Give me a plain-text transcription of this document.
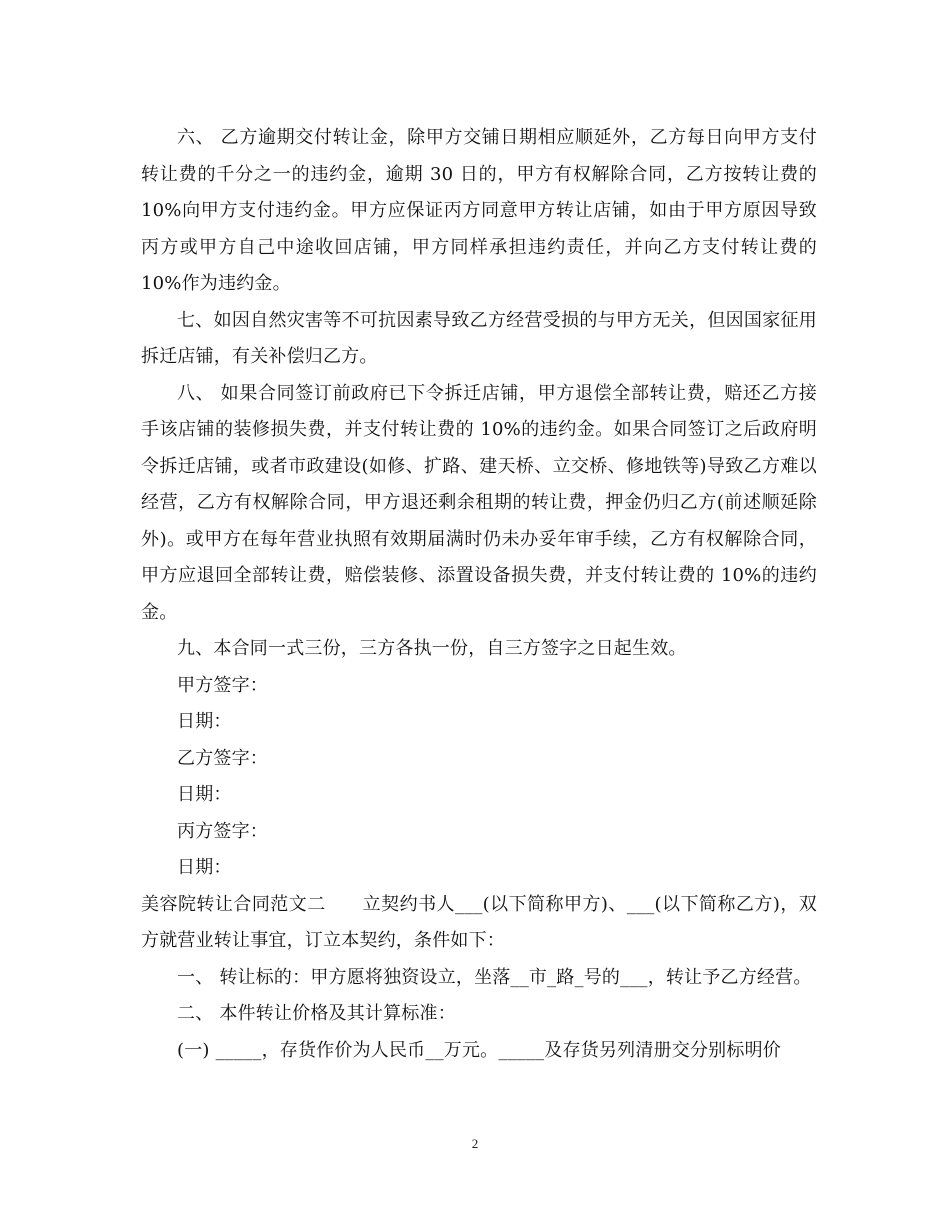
六、 乙方逾期交付转让金，除甲方交铺日期相应顺延外，乙方每日向甲方支付转让费的千分之一的违约金，逾期 30 日的，甲方有权解除合同，乙方按转让费的 10%向甲方支付违约金。甲方应保证丙方同意甲方转让店铺，如由于甲方原因导致丙方或甲方自己中途收回店铺，甲方同样承担违约责任，并向乙方支付转让费的 10%作为违约金。

七、如因自然灾害等不可抗因素导致乙方经营受损的与甲方无关，但因国家征用拆迁店铺，有关补偿归乙方。

八、 如果合同签订前政府已下令拆迁店铺，甲方退偿全部转让费，赔还乙方接手该店铺的装修损失费，并支付转让费的 10%的违约金。如果合同签订之后政府明令拆迁店铺，或者市政建设(如修、扩路、建天桥、立交桥、修地铁等)导致乙方难以经营，乙方有权解除合同，甲方退还剩余租期的转让费，押金仍归乙方(前述顺延除外)。或甲方在每年营业执照有效期届满时仍未办妥年审手续，乙方有权解除合同，甲方应退回全部转让费，赔偿装修、添置设备损失费，并支付转让费的 10%的违约金。

九、本合同一式三份，三方各执一份，自三方签字之日起生效。

甲方签字：

日期：

乙方签字：

日期：

丙方签字：

日期：

美容院转让合同范文二　　立契约书人___(以下简称甲方)、___(以下简称乙方)，双方就营业转让事宜，订立本契约，条件如下：

一、 转让标的：甲方愿将独资设立，坐落__市_路_号的___，转让予乙方经营。

二、 本件转让价格及其计算标准：

(一) _____，存货作价为人民币__万元。_____及存货另列清册交分别标明价

2
